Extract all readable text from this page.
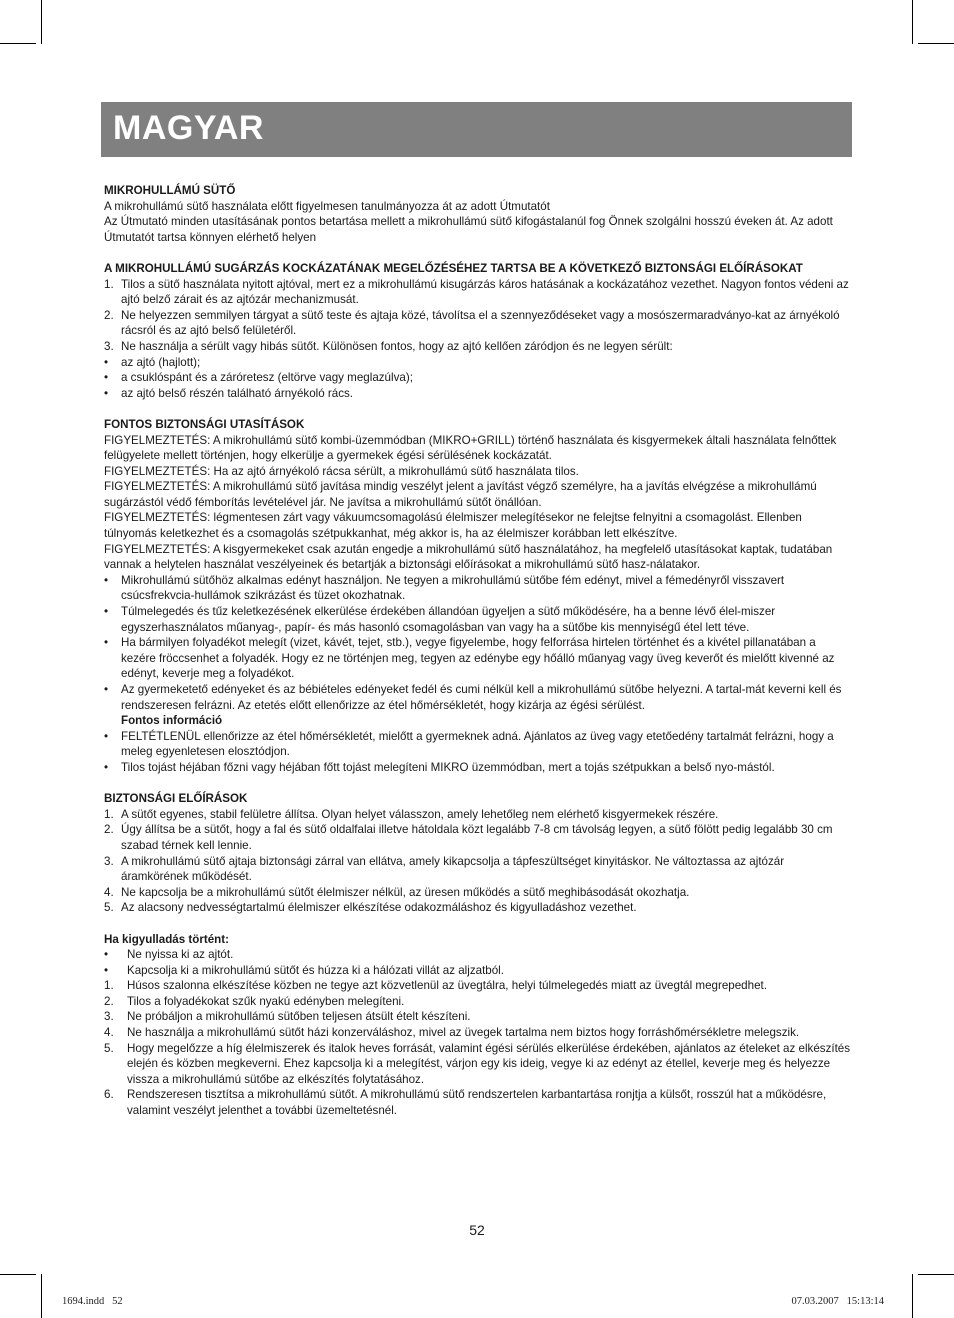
MAGYAR
MIKROHULLÁMÚ SÜTŐ
A mikrohullámú sütő használata előtt figyelmesen tanulmányozza át az adott Útmutatót
Az Útmutató minden utasításának pontos betartása mellett a mikrohullámú sütő kifogástalanúl fog Önnek szolgálni hosszú éveken át. Az adott Útmutatót tartsa könnyen elérhető helyen
A MIKROHULLÁMÚ SUGÁRZÁS KOCKÁZATÁNAK MEGELŐZÉSÉHEZ TARTSA BE A KÖVETKEZŐ BIZTONSÁGI ELŐÍRÁSOKAT
1. Tilos a sütő használata nyitott ajtóval, mert ez a mikrohullámú kisugárzás káros hatásának a kockázatához vezethet. Nagyon fontos védeni az ajtó belző zárait és az ajtózár mechanizmusát.
2. Ne helyezzen semmilyen tárgyat a sütő teste és ajtaja közé, távolítsa el a szennyeződéseket vagy a mosószermaradványo-kat az árnyékoló rácsról és az ajtó belső felületéről.
3. Ne használja a sérült vagy hibás sütőt. Különösen fontos, hogy az ajtó kellően záródjon és ne legyen sérült:
• az ajtó (hajlott);
• a csuklóspánt és a záróretesz (eltörve vagy meglazúlva);
• az ajtó belső részén található árnyékoló rács.
FONTOS BIZTONSÁGI UTASÍTÁSOK
FIGYELMEZTETÉS: A mikrohullámú sütő kombi-üzemmódban (MIKRO+GRILL) történő használata és kisgyermekek általi használata felnőttek felügyelete mellett történjen, hogy elkerülje a gyermekek égési sérülésének kockázatát.
FIGYELMEZTETÉS: Ha az ajtó árnyékoló rácsa sérült, a mikrohullámú sütő használata tilos.
FIGYELMEZTETÉS: A mikrohullámú sütő javítása mindig veszélyt jelent a javítást végző személyre, ha a javítás elvégzése a mikrohullámú sugárzástól védő fémborítás levételével jár. Ne javítsa a mikrohullámú sütőt önállóan.
FIGYELMEZTETÉS: légmentesen zárt vagy vákuumcsomagolású élelmiszer melegítésekor ne felejtse felnyitni a csomagolást. Ellenben túlnyomás keletkezhet és a csomagolás szétpukkanhat, még akkor is, ha az élelmiszer korábban lett elkészítve.
FIGYELMEZTETÉS: A kisgyermekeket csak azután engedje a mikrohullámú sütő használatához, ha megfelelő utasításokat kaptak, tudatában vannak a helytelen használat veszélyeinek és betartják a biztonsági előírásokat a mikrohullámú sütő hasz-nálatakor.
• Mikrohullámú sütőhöz alkalmas edényt használjon. Ne tegyen a mikrohullámú sütőbe fém edényt, mivel a fémedényről visszavert csúcsfrekvcia-hullámok szikrázást és tüzet okozhatnak.
• Túlmelegedés és tűz keletkezésének elkerülése érdekében állandóan ügyeljen a sütő működésére, ha a benne lévő élel-miszer egyszerhasználatos műanyag-, papír- és más hasonló csomagolásban van vagy ha a sütőbe kis mennyiségű étel lett téve.
• Ha bármilyen folyadékot melegít (vizet, kávét, tejet, stb.), vegye figyelembe, hogy felforrása hirtelen történhet és a kivétel pillanatában a kezére fröccsenhet a folyadék. Hogy ez ne történjen meg, tegyen az edénybe egy hőálló műanyag vagy üveg keverőt és mielőtt kivenné az edényt, keverje meg a folyadékot.
• Az gyermeketető edényeket és az bébiételes edényeket fedél és cumi nélkül kell a mikrohullámú sütőbe helyezni. A tartal-mát keverni kell és rendszeresen felrázni. Az etetés előtt ellenőrizze az étel hőmérsékletét, hogy kizárja az égési sérülést.
Fontos információ
• FELTÉTLENÜL ellenőrizze az étel hőmérsékletét, mielőtt a gyermeknek adná. Ajánlatos az üveg vagy etetőedény tartalmát felrázni, hogy a meleg egyenletesen elosztódjon.
• Tilos tojást héjában főzni vagy héjában főtt tojást melegíteni MIKRO üzemmódban, mert a tojás szétpukkan a belső nyo-mástól.
BIZTONSÁGI ELŐÍRÁSOK
1. A sütőt egyenes, stabil felületre állítsa. Olyan helyet válasszon, amely lehetőleg nem elérhető kisgyermekek részére.
2. Úgy állítsa be a sütőt, hogy a fal és sütő oldalfalai illetve hátoldala közt legalább 7-8 cm távolság legyen, a sütő fölött pedig legalább 30 cm szabad térnek kell lennie.
3. A mikrohullámú sütő ajtaja biztonsági zárral van ellátva, amely kikapcsolja a tápfeszültséget kinyitáskor. Ne változtassa az ajtózár áramkörének működését.
4. Ne kapcsolja be a mikrohullámú sütőt élelmiszer nélkül, az üresen működés a sütő meghibásodását okozhatja.
5. Az alacsony nedvességtartalmú élelmiszer elkészítése odakozmáláshoz és kigyulladáshoz vezethet.
Ha kigyulladás történt:
• Ne nyissa ki az ajtót.
• Kapcsolja ki a mikrohullámú sütőt és húzza ki a hálózati villát az aljzatból.
1. Húsos szalonna elkészítése közben ne tegye azt közvetlenül az üvegtálra, helyi túlmelegedés miatt az üvegtál megrepedhet.
2. Tilos a folyadékokat szűk nyakú edényben melegíteni.
3. Ne próbáljon a mikrohullámú sütőben teljesen átsült ételt készíteni.
4. Ne használja a mikrohullámú sütőt házi konzerváláshoz, mivel az üvegek tartalma nem biztos hogy forráshőmérsékletre melegszik.
5. Hogy megelőzze a híg élelmiszerek és italok heves forrását, valamint égési sérülés elkerülése érdekében, ajánlatos az ételeket az elkészítés elején és közben megkeverni. Ehez kapcsolja ki a melegítést, várjon egy kis ideig, vegye ki az edényt az étellel, keverje meg és helyezze vissza a mikrohullámú sütőbe az elkészítés folytatásához.
6. Rendszeresen tisztítsa a mikrohullámú sütőt. A mikrohullámú sütő rendszertelen karbantartása ronjtja a külsőt, rosszúl hat a működésre, valamint veszélyt jelenthet a további üzemeltetésnél.
52
1694.indd   52	07.03.2007   15:13:14
